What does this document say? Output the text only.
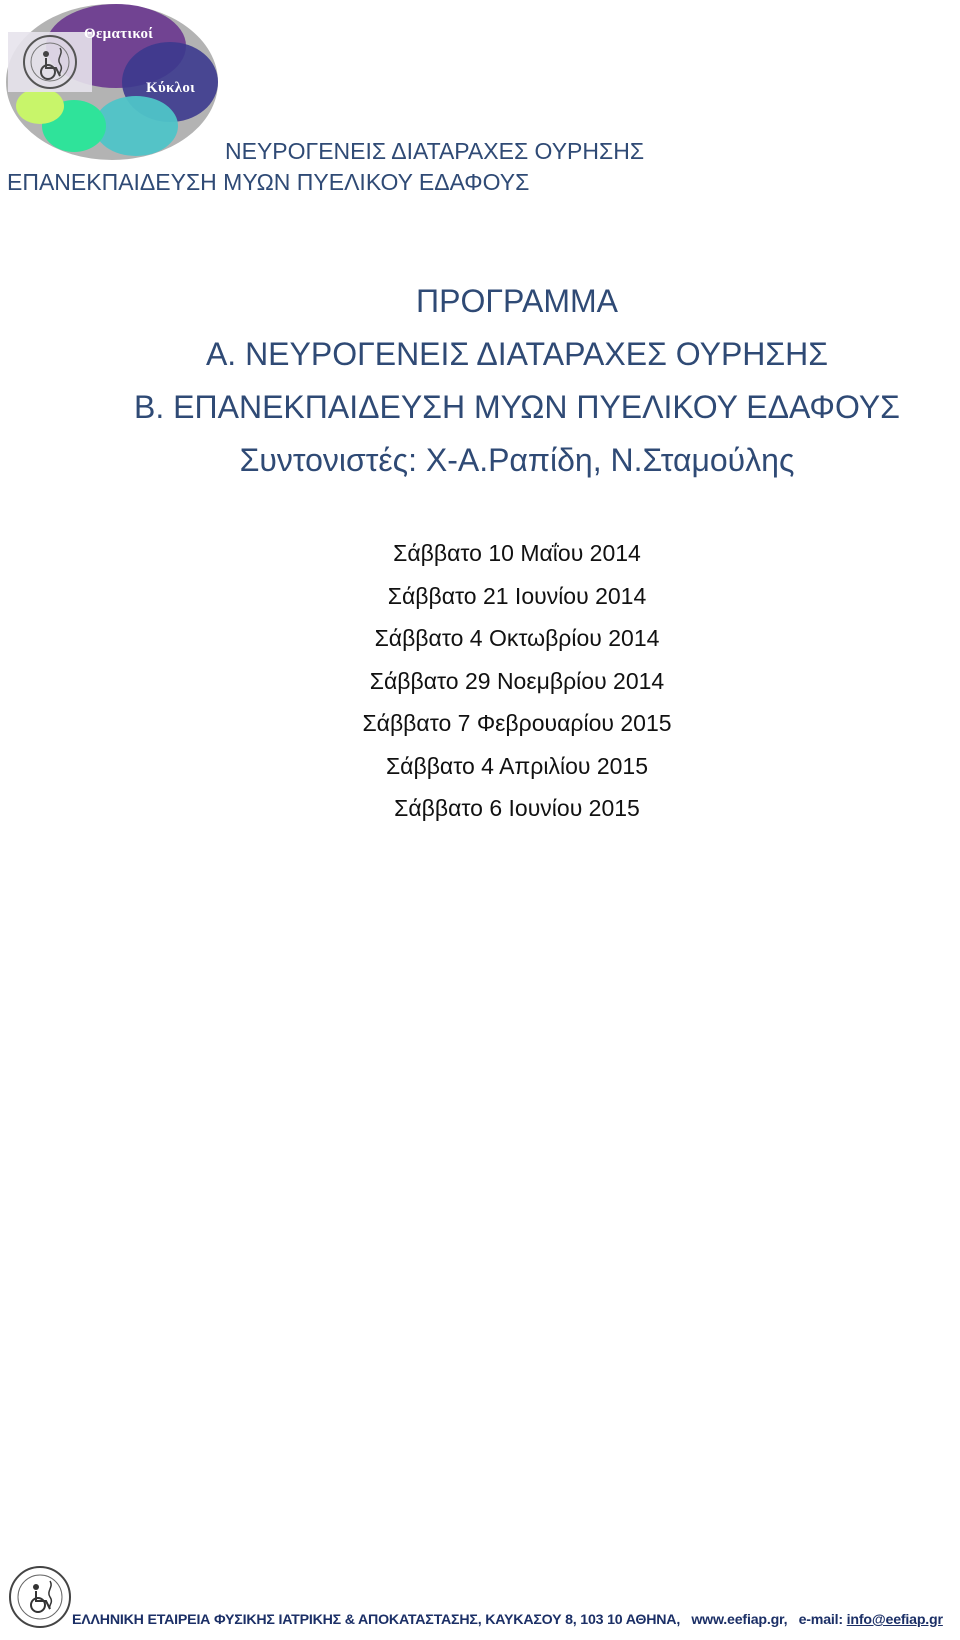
Θεματικοί
Κύκλοι
ΝΕΥΡΟΓΕΝΕΙΣ ΔΙΑΤΑΡΑΧΕΣ ΟΥΡΗΣΗΣ
ΕΠΑΝΕΚΠΑΙΔΕΥΣΗ ΜΥΩΝ ΠΥΕΛΙΚΟΥ ΕΔΑΦΟΥΣ
ΠΡΟΓΡΑΜΜΑ
Α. ΝΕΥΡΟΓΕΝΕΙΣ ΔΙΑΤΑΡΑΧΕΣ ΟΥΡΗΣΗΣ
Β. ΕΠΑΝΕΚΠΑΙΔΕΥΣΗ ΜΥΩΝ ΠΥΕΛΙΚΟΥ ΕΔΑΦΟΥΣ
Συντονιστές: Χ-Α.Ραπίδη, Ν.Σταμούλης
Σάββατο 10 Μαΐου 2014
Σάββατο 21 Ιουνίου 2014
Σάββατο 4 Οκτωβρίου 2014
Σάββατο 29 Νοεμβρίου 2014
Σάββατο 7 Φεβρουαρίου 2015
Σάββατο 4 Απριλίου 2015
Σάββατο 6 Ιουνίου 2015
ΕΛΛΗΝΙΚΗ ΕΤΑΙΡΕΙΑ ΦΥΣΙΚΗΣ ΙΑΤΡΙΚΗΣ & ΑΠΟΚΑΤΑΣΤΑΣΗΣ, ΚΑΥΚΑΣΟΥ 8, 103 10 ΑΘΗΝΑ, www.eefiap.gr, e-mail: info@eefiap.gr
